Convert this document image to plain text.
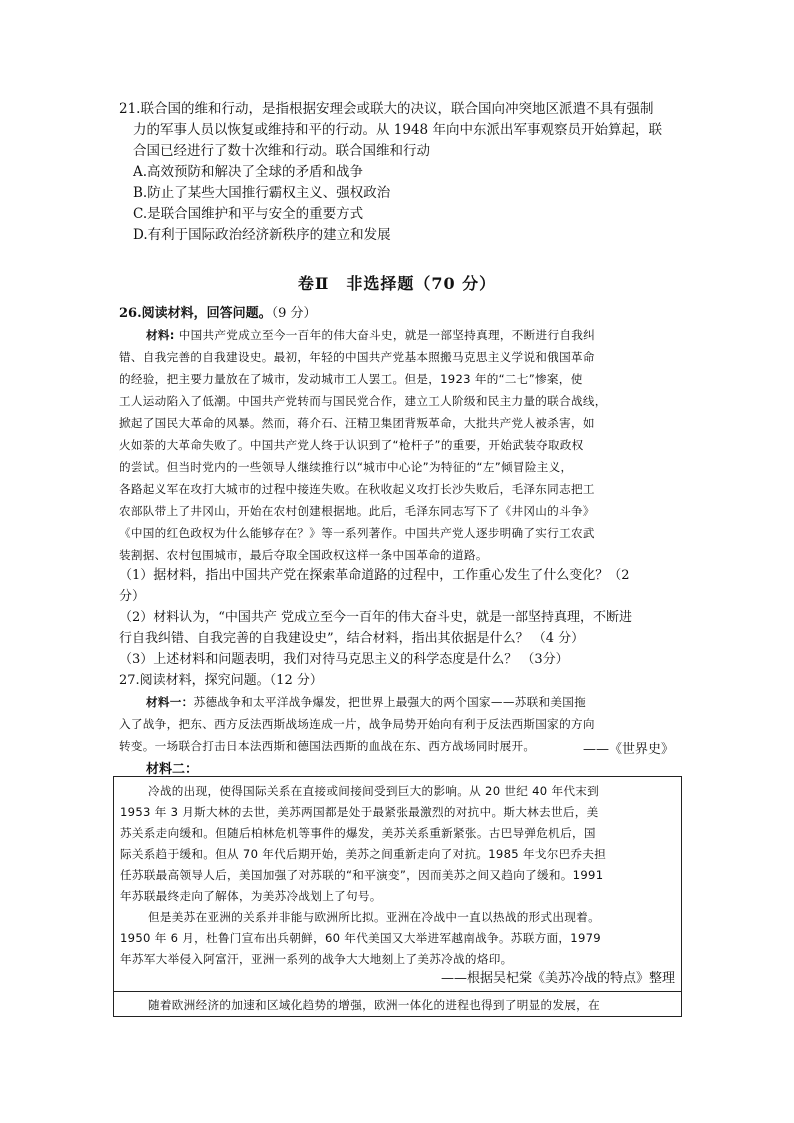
21.联合国的维和行动，是指根据安理会或联大的决议，联合国向冲突地区派遣不具有强制
力的军事人员以恢复或维持和平的行动。从 1948 年向中东派出军事观察员开始算起，联
合国已经进行了数十次维和行动。联合国维和行动
A.高效预防和解决了全球的矛盾和战争
B.防止了某些大国推行霸权主义、强权政治
C.是联合国维护和平与安全的重要方式
D.有利于国际政治经济新秩序的建立和发展
卷Ⅱ　非选择题（70 分）
26.阅读材料，回答问题。（9 分）
材料: 中国共产党成立至今一百年的伟大奋斗史，就是一部坚持真理，不断进行自我纠
错、自我完善的自我建设史。最初，年轻的中国共产党基本照搬马克思主义学说和俄国革命
的经验，把主要力量放在了城市，发动城市工人罢工。但是，1923 年的“二七”惨案，使
工人运动陷入了低潮。中国共产党转而与国民党合作，建立工人阶级和民主力量的联合战线，
掀起了国民大革命的风暴。然而，蒋介石、汪精卫集团背叛革命，大批共产党人被杀害，如
火如荼的大革命失败了。中国共产党人终于认识到了“枪杆子”的重要，开始武装夺取政权
的尝试。但当时党内的一些领导人继续推行以“城市中心论”为特征的“左”倾冒险主义，
各路起义军在攻打大城市的过程中接连失败。在秋收起义攻打长沙失败后，毛泽东同志把工
农部队带上了井冈山，开始在农村创建根据地。此后，毛泽东同志写下了《井冈山的斗争》
《中国的红色政权为什么能够存在？》等一系列著作。中国共产党人逐步明确了实行工农武
装割据、农村包围城市，最后夺取全国政权这样一条中国革命的道路。
（1）据材料，指出中国共产党在探索革命道路的过程中，工作重心发生了什么变化？（2
分）
（2）材料认为，“中国共产 党成立至今一百年的伟大奋斗史，就是一部坚持真理，不断进
行自我纠错、自我完善的自我建设史”，结合材料，指出其依据是什么？ （4 分）
（3）上述材料和问题表明，我们对待马克思主义的科学态度是什么？ （3分）
27.阅读材料，探究问题。（12 分）
材料一：苏德战争和太平洋战争爆发，把世界上最强大的两个国家——苏联和美国拖
入了战争，把东、西方反法西斯战场连成一片，战争局势开始向有利于反法西斯国家的方向
转变。一场联合打击日本法西斯和德国法西斯的血战在东、西方战场同时展开。	——《世界史》
材料二：
冷战的出现，使得国际关系在直接或间接间受到巨大的影响。从 20 世纪 40 年代末到
1953 年 3 月斯大林的去世，美苏两国都是处于最紧张最激烈的对抗中。斯大林去世后，美
苏关系走向缓和。但随后柏林危机等事件的爆发，美苏关系重新紧张。古巴导弹危机后，国
际关系趋于缓和。但从 70 年代后期开始，美苏之间重新走向了对抗。1985 年戈尔巴乔夫担
任苏联最高领导人后，美国加强了对苏联的“和平演变”，因而美苏之间又趋向了缓和。1991
年苏联最终走向了解体，为美苏冷战划上了句号。
但是美苏在亚洲的关系并非能与欧洲所比拟。亚洲在冷战中一直以热战的形式出现着。
1950 年 6 月，杜鲁门宣布出兵朝鲜，60 年代美国又大举进军越南战争。苏联方面，1979
年苏军大举侵入阿富汗，亚洲一系列的战争大大地刻上了美苏冷战的烙印。
——根据吴杞棠《美苏冷战的特点》整理
随着欧洲经济的加速和区域化趋势的增强，欧洲一体化的进程也得到了明显的发展，在
